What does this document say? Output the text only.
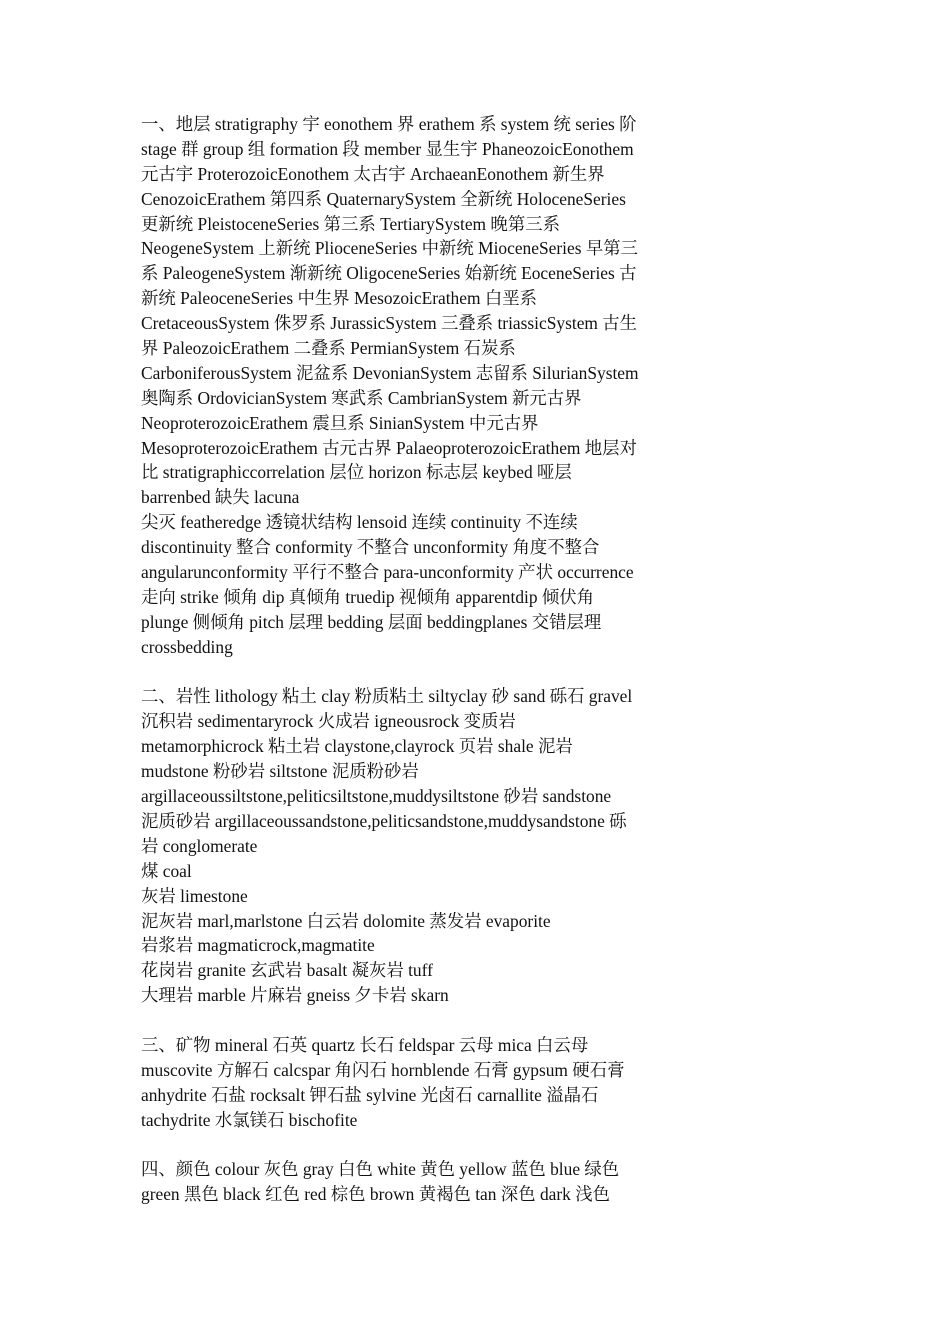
一、地层 stratigraphy 宇 eonothem 界 erathem 系 system 统 series 阶
stage 群 group 组 formation 段 member 显生宇 PhaneozoicEonothem
元古宇 ProterozoicEonothem 太古宇 ArchaeanEonothem 新生界
CenozoicErathem 第四系 QuaternarySystem 全新统 HoloceneSeries
更新统 PleistoceneSeries 第三系 TertiarySystem 晚第三系
NeogeneSystem 上新统 PlioceneSeries 中新统 MioceneSeries 早第三
系 PaleogeneSystem 渐新统 OligoceneSeries 始新统 EoceneSeries 古
新统 PaleoceneSeries 中生界 MesozoicErathem 白垩系
CretaceousSystem 侏罗系 JurassicSystem 三叠系 triassicSystem 古生
界 PaleozoicErathem 二叠系 PermianSystem 石炭系
CarboniferousSystem 泥盆系 DevonianSystem 志留系 SilurianSystem
奥陶系 OrdovicianSystem 寒武系 CambrianSystem 新元古界
NeoproterozoicErathem 震旦系 SinianSystem 中元古界
MesoproterozoicErathem 古元古界 PalaeoproterozoicErathem 地层对
比 stratigraphiccorrelation 层位 horizon 标志层 keybed 哑层
barrenbed 缺失 lacuna
尖灭 featheredge 透镜状结构 lensoid 连续 continuity 不连续
discontinuity 整合 conformity 不整合 unconformity 角度不整合
angularunconformity 平行不整合 para-unconformity 产状 occurrence
走向 strike 倾角 dip 真倾角 truedip 视倾角 apparentdip 倾伏角
plunge 侧倾角 pitch 层理 bedding 层面 beddingplanes 交错层理
crossbedding
二、岩性 lithology 粘土 clay 粉质粘土 siltyclay 砂 sand 砾石 gravel
沉积岩 sedimentaryrock 火成岩 igneousrock 变质岩
metamorphicrock 粘土岩 claystone,clayrock 页岩 shale 泥岩
mudstone 粉砂岩 siltstone 泥质粉砂岩
argillaceoussiltstone,peliticsiltstone,muddysiltstone 砂岩 sandstone
泥质砂岩 argillaceoussandstone,peliticsandstone,muddysandstone 砾
岩 conglomerate
煤 coal
灰岩 limestone
泥灰岩 marl,marlstone 白云岩 dolomite 蒸发岩 evaporite
岩浆岩 magmaticrock,magmatite
花岗岩 granite 玄武岩 basalt 凝灰岩 tuff
大理岩 marble 片麻岩 gneiss 夕卡岩 skarn
三、矿物 mineral 石英 quartz 长石 feldspar 云母 mica 白云母
muscovite 方解石 calcspar 角闪石 hornblende 石膏 gypsum 硬石膏
anhydrite 石盐 rocksalt 钾石盐 sylvine 光卤石 carnallite 溢晶石
tachydrite 水氯镁石 bischofite
四、颜色 colour 灰色 gray 白色 white 黄色 yellow 蓝色 blue 绿色
green 黑色 black 红色 red 棕色 brown 黄褐色 tan 深色 dark 浅色
